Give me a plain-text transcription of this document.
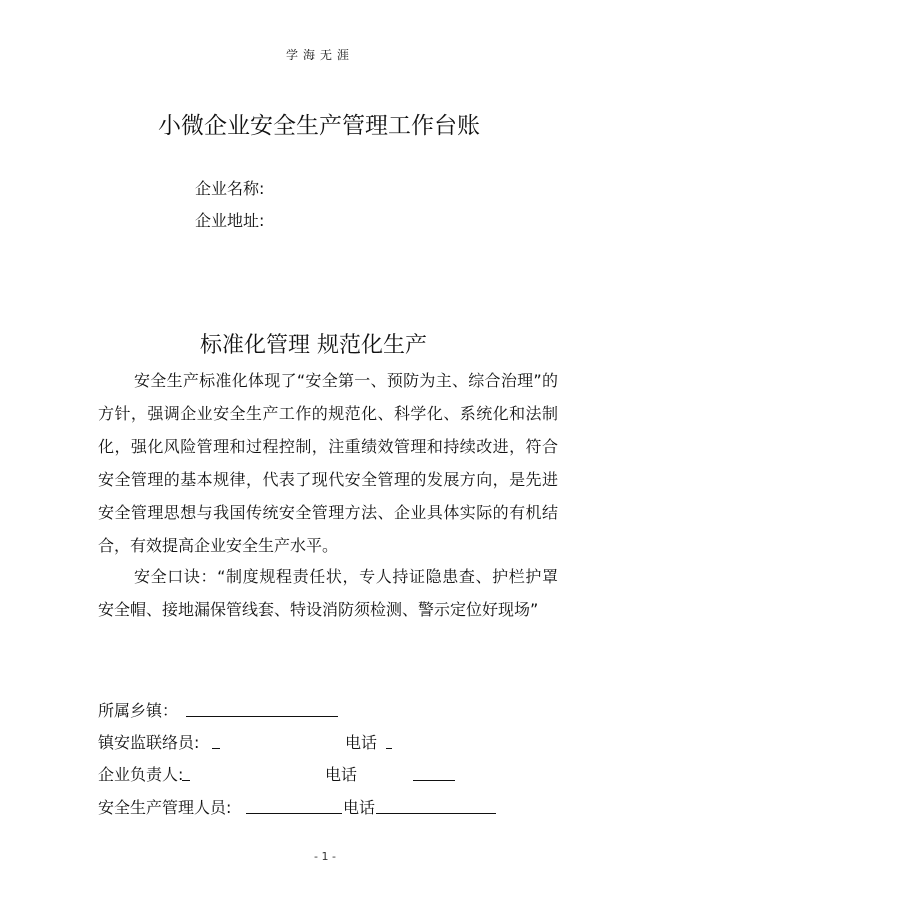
学海无涯
小微企业安全生产管理工作台账
企业名称:
企业地址:
标准化管理 规范化生产
安全生产标准化体现了“安全第一、预防为主、综合治理”的方针，强调企业安全生产工作的规范化、科学化、系统化和法制化，强化风险管理和过程控制，注重绩效管理和持续改进，符合安全管理的基本规律，代表了现代安全管理的发展方向，是先进安全管理思想与我国传统安全管理方法、企业具体实际的有机结合，有效提高企业安全生产水平。
安全口诀：“制度规程责任状，专人持证隐患查、护栏护罩安全帽、接地漏保管线套、特设消防须检测、警示定位好现场”
所属乡镇：
镇安监联络员:	电话
企业负责人:	电话
安全生产管理人员:	电话
- 1 -
